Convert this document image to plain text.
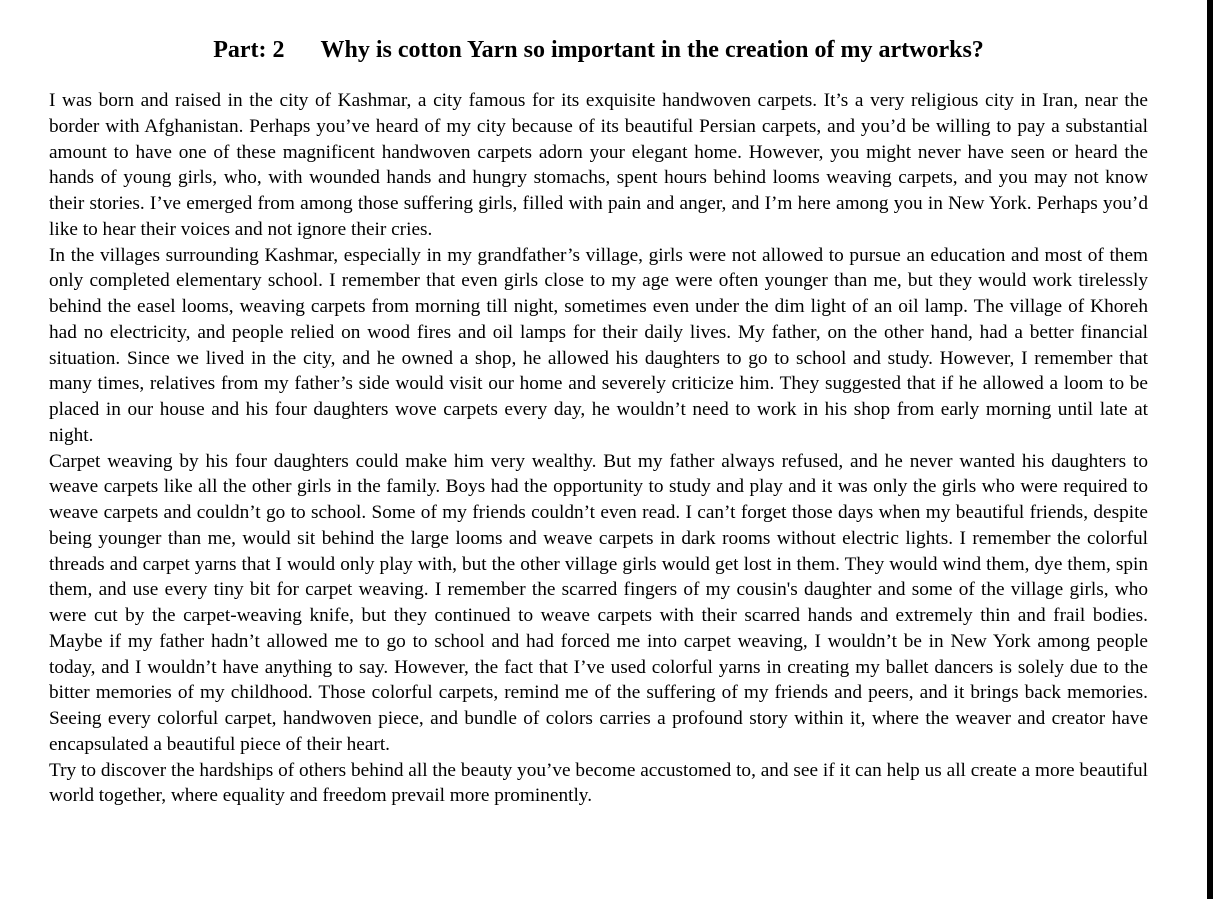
Part: 2 Why is cotton Yarn so important in the creation of my artworks?

I was born and raised in the city of Kashmar, a city famous for its exquisite handwoven carpets. It’s a very religious city in Iran, near the border with Afghanistan. Perhaps you’ve heard of my city because of its beautiful Persian carpets, and you’d be willing to pay a substantial amount to have one of these magnificent handwoven carpets adorn your elegant home. However, you might never have seen or heard the hands of young girls, who, with wounded hands and hungry stomachs, spent hours behind looms weaving carpets, and you may not know their stories. I’ve emerged from among those suffering girls, filled with pain and anger, and I’m here among you in New York. Perhaps you’d like to hear their voices and not ignore their cries.

In the villages surrounding Kashmar, especially in my grandfather’s village, girls were not allowed to pursue an education and most of them only completed elementary school. I remember that even girls close to my age were often younger than me, but they would work tirelessly behind the easel looms, weaving carpets from morning till night, sometimes even under the dim light of an oil lamp. The village of Khoreh had no electricity, and people relied on wood fires and oil lamps for their daily lives. My father, on the other hand, had a better financial situation. Since we lived in the city, and he owned a shop, he allowed his daughters to go to school and study. However, I remember that many times, relatives from my father’s side would visit our home and severely criticize him. They suggested that if he allowed a loom to be placed in our house and his four daughters wove carpets every day, he wouldn’t need to work in his shop from early morning until late at night.

Carpet weaving by his four daughters could make him very wealthy. But my father always refused, and he never wanted his daughters to weave carpets like all the other girls in the family. Boys had the opportunity to study and play and it was only the girls who were required to weave carpets and couldn’t go to school. Some of my friends couldn’t even read. I can’t forget those days when my beautiful friends, despite being younger than me, would sit behind the large looms and weave carpets in dark rooms without electric lights. I remember the colorful threads and carpet yarns that I would only play with, but the other village girls would get lost in them. They would wind them, dye them, spin them, and use every tiny bit for carpet weaving. I remember the scarred fingers of my cousin's daughter and some of the village girls, who were cut by the carpet-weaving knife, but they continued to weave carpets with their scarred hands and extremely thin and frail bodies. Maybe if my father hadn’t allowed me to go to school and had forced me into carpet weaving, I wouldn’t be in New York among people today, and I wouldn’t have anything to say. However, the fact that I’ve used colorful yarns in creating my ballet dancers is solely due to the bitter memories of my childhood. Those colorful carpets, remind me of the suffering of my friends and peers, and it brings back memories. Seeing every colorful carpet, handwoven piece, and bundle of colors carries a profound story within it, where the weaver and creator have encapsulated a beautiful piece of their heart.

Try to discover the hardships of others behind all the beauty you’ve become accustomed to, and see if it can help us all create a more beautiful world together, where equality and freedom prevail more prominently.
